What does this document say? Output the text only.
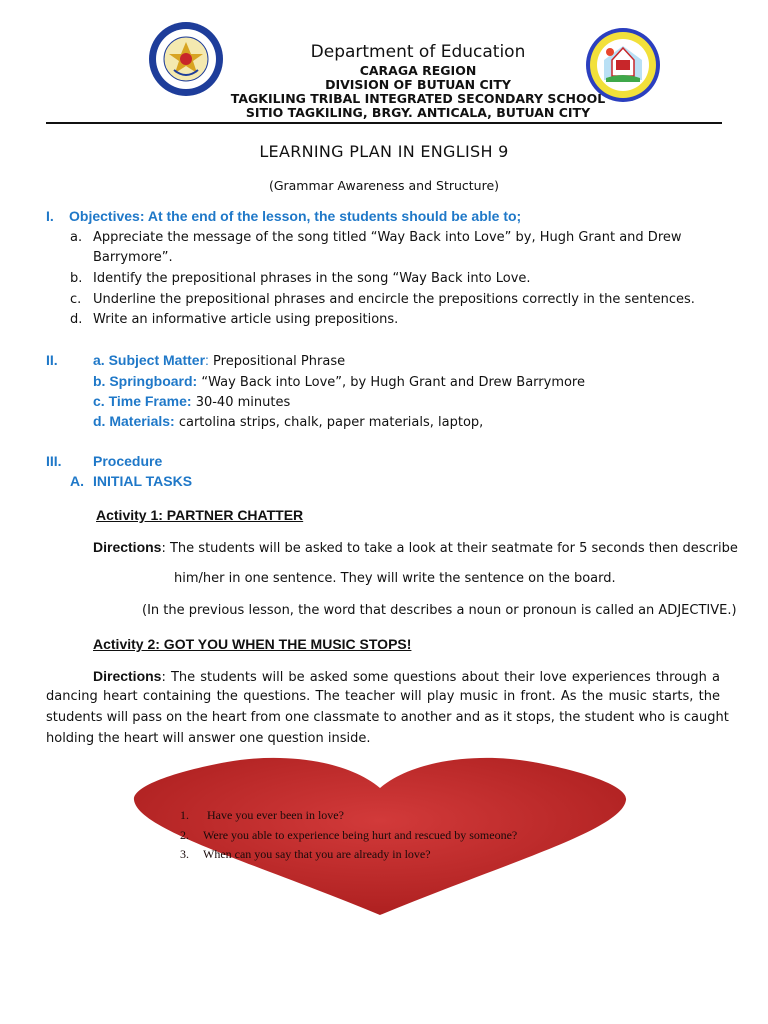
Department of Education
CARAGA REGION
DIVISION OF BUTUAN CITY
TAGKILING TRIBAL INTEGRATED SECONDARY SCHOOL
SITIO TAGKILING, BRGY. ANTICALA, BUTUAN CITY
LEARNING PLAN IN ENGLISH 9
(Grammar Awareness and Structure)
I. Objectives: At the end of the lesson, the students should be able to;
a. Appreciate the message of the song titled “Way Back into Love” by, Hugh Grant and Drew
Barrymore”.
b. Identify the prepositional phrases in the song “Way Back into Love.
c. Underline the prepositional phrases and encircle the prepositions correctly in the sentences.
d. Write an informative article using prepositions.
II.	a. Subject Matter: Prepositional Phrase
b. Springboard: “Way Back into Love”, by Hugh Grant and Drew Barrymore
c. Time Frame: 30-40 minutes
d. Materials: cartolina strips, chalk, paper materials, laptop,
III. Procedure
A. INITIAL TASKS
Activity 1: PARTNER CHATTER
Directions: The students will be asked to take a look at their seatmate for 5 seconds then describe
him/her in one sentence. They will write the sentence on the board.
(In the previous lesson, the word that describes a noun or pronoun is called an ADJECTIVE.)
Activity 2: GOT YOU WHEN THE MUSIC STOPS!
Directions: The students will be asked some questions about their love experiences through a
dancing heart containing the questions. The teacher will play music in front. As the music starts, the
students will pass on the heart from one classmate to another and as it stops, the student who is caught
holding the heart will answer one question inside.
1. Have you ever been in love?
2. Were you able to experience being hurt and rescued by someone?
3. When can you say that you are already in love?
